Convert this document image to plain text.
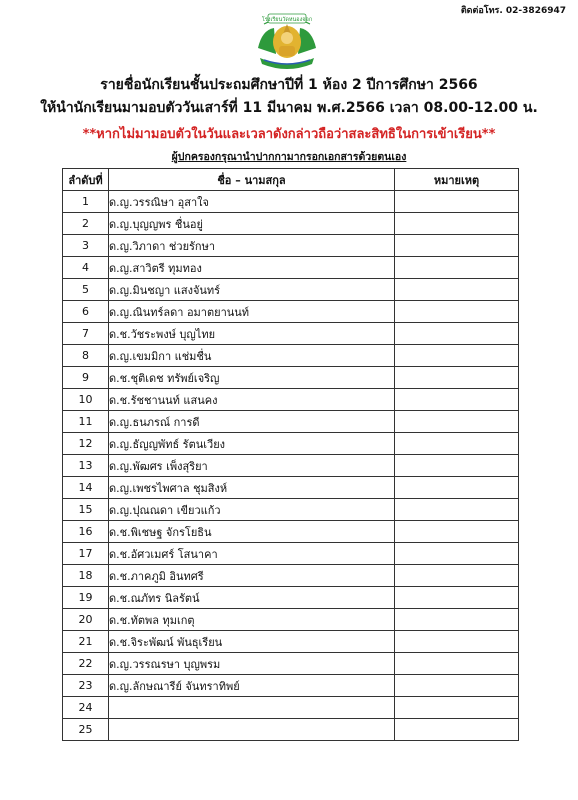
ติดต่อโทร. 02-3826947
โรงเรียนวัดหนองจอก
รายชื่อนักเรียนชั้นประถมศึกษาปีที่ 1 ห้อง 2 ปีการศึกษา 2566
ให้นำนักเรียนมามอบตัววันเสาร์ที่ 11 มีนาคม พ.ศ.2566 เวลา 08.00-12.00 น.
**หากไม่มามอบตัวในวันและเวลาดังกล่าวถือว่าสละสิทธิในการเข้าเรียน**
ผู้ปกครองกรุณานำปากกามากรอกเอกสารด้วยตนเอง
ลำดับที่	ชื่อ – นามสกุล	หมายเหตุ
1	ด.ญ.วรรณิษา อุสาใจ	
2	ด.ญ.บุญญพร ชื่นอยู่	
3	ด.ญ.วิภาดา ช่วยรักษา	
4	ด.ญ.สาวิตรี ทุมทอง	
5	ด.ญ.มินชญา แสงจันทร์	
6	ด.ญ.ณินทร์ลดา อมาตยานนท์	
7	ด.ช.วัชระพงษ์ บุญไทย	
8	ด.ญ.เขมมิกา แช่มชื่น	
9	ด.ช.ชุติเดช ทรัพย์เจริญ	
10	ด.ช.รัชชานนท์ แสนคง	
11	ด.ญ.ธนภรณ์ การดี	
12	ด.ญ.ธัญญพัทธ์ รัตนเวียง	
13	ด.ญ.พัฒศร เพ็งสุริยา	
14	ด.ญ.เพชรไพศาล ชุมสิงห์	
15	ด.ญ.ปุณณดา เขียวแก้ว	
16	ด.ช.พิเชษฐ จักรโยธิน	
17	ด.ช.อัศวเมศร์ โสนาคา	
18	ด.ช.ภาคภูมิ อินทศรี	
19	ด.ช.ณภัทร นิลรัตน์	
20	ด.ช.ทัตพล ทุมเกตุ	
21	ด.ช.จิระพัฒน์ พันธุเรียน	
22	ด.ญ.วรรณรษา บุญพรม	
23	ด.ญ.ลักษณารีย์ จันทราทิพย์	
24		
25		
